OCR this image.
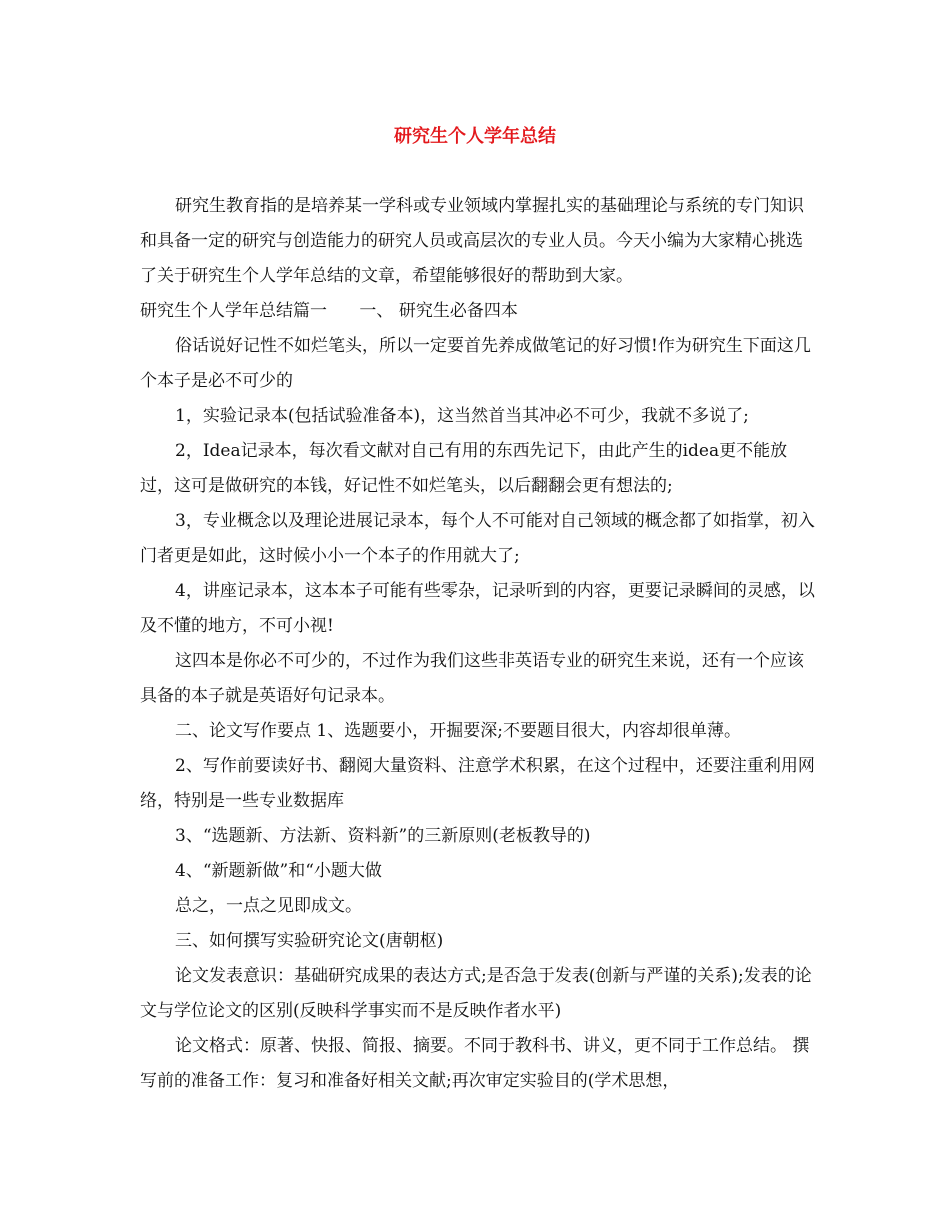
研究生个人学年总结

研究生教育指的是培养某一学科或专业领域内掌握扎实的基础理论与系统的专门知识和具备一定的研究与创造能力的研究人员或高层次的专业人员。今天小编为大家精心挑选了关于研究生个人学年总结的文章，希望能够很好的帮助到大家。

研究生个人学年总结篇一      一、 研究生必备四本

俗话说好记性不如烂笔头，所以一定要首先养成做笔记的好习惯!作为研究生下面这几个本子是必不可少的

1，实验记录本(包括试验准备本)，这当然首当其冲必不可少，我就不多说了;

2，Idea记录本，每次看文献对自己有用的东西先记下，由此产生的idea更不能放过，这可是做研究的本钱，好记性不如烂笔头，以后翻翻会更有想法的;

3，专业概念以及理论进展记录本，每个人不可能对自己领域的概念都了如指掌，初入门者更是如此，这时候小小一个本子的作用就大了;

4，讲座记录本，这本本子可能有些零杂，记录听到的内容，更要记录瞬间的灵感，以及不懂的地方，不可小视!

这四本是你必不可少的，不过作为我们这些非英语专业的研究生来说，还有一个应该具备的本子就是英语好句记录本。

二、论文写作要点 1、选题要小，开掘要深;不要题目很大，内容却很单薄。

2、写作前要读好书、翻阅大量资料、注意学术积累，在这个过程中，还要注重利用网络，特别是一些专业数据库

3、“选题新、方法新、资料新”的三新原则(老板教导的)

4、“新题新做”和“小题大做

总之，一点之见即成文。

三、如何撰写实验研究论文(唐朝枢)

论文发表意识：基础研究成果的表达方式;是否急于发表(创新与严谨的关系);发表的论文与学位论文的区别(反映科学事实而不是反映作者水平)

论文格式：原著、快报、简报、摘要。不同于教科书、讲义，更不同于工作总结。 撰写前的准备工作：复习和准备好相关文献;再次审定实验目的(学术思想，
